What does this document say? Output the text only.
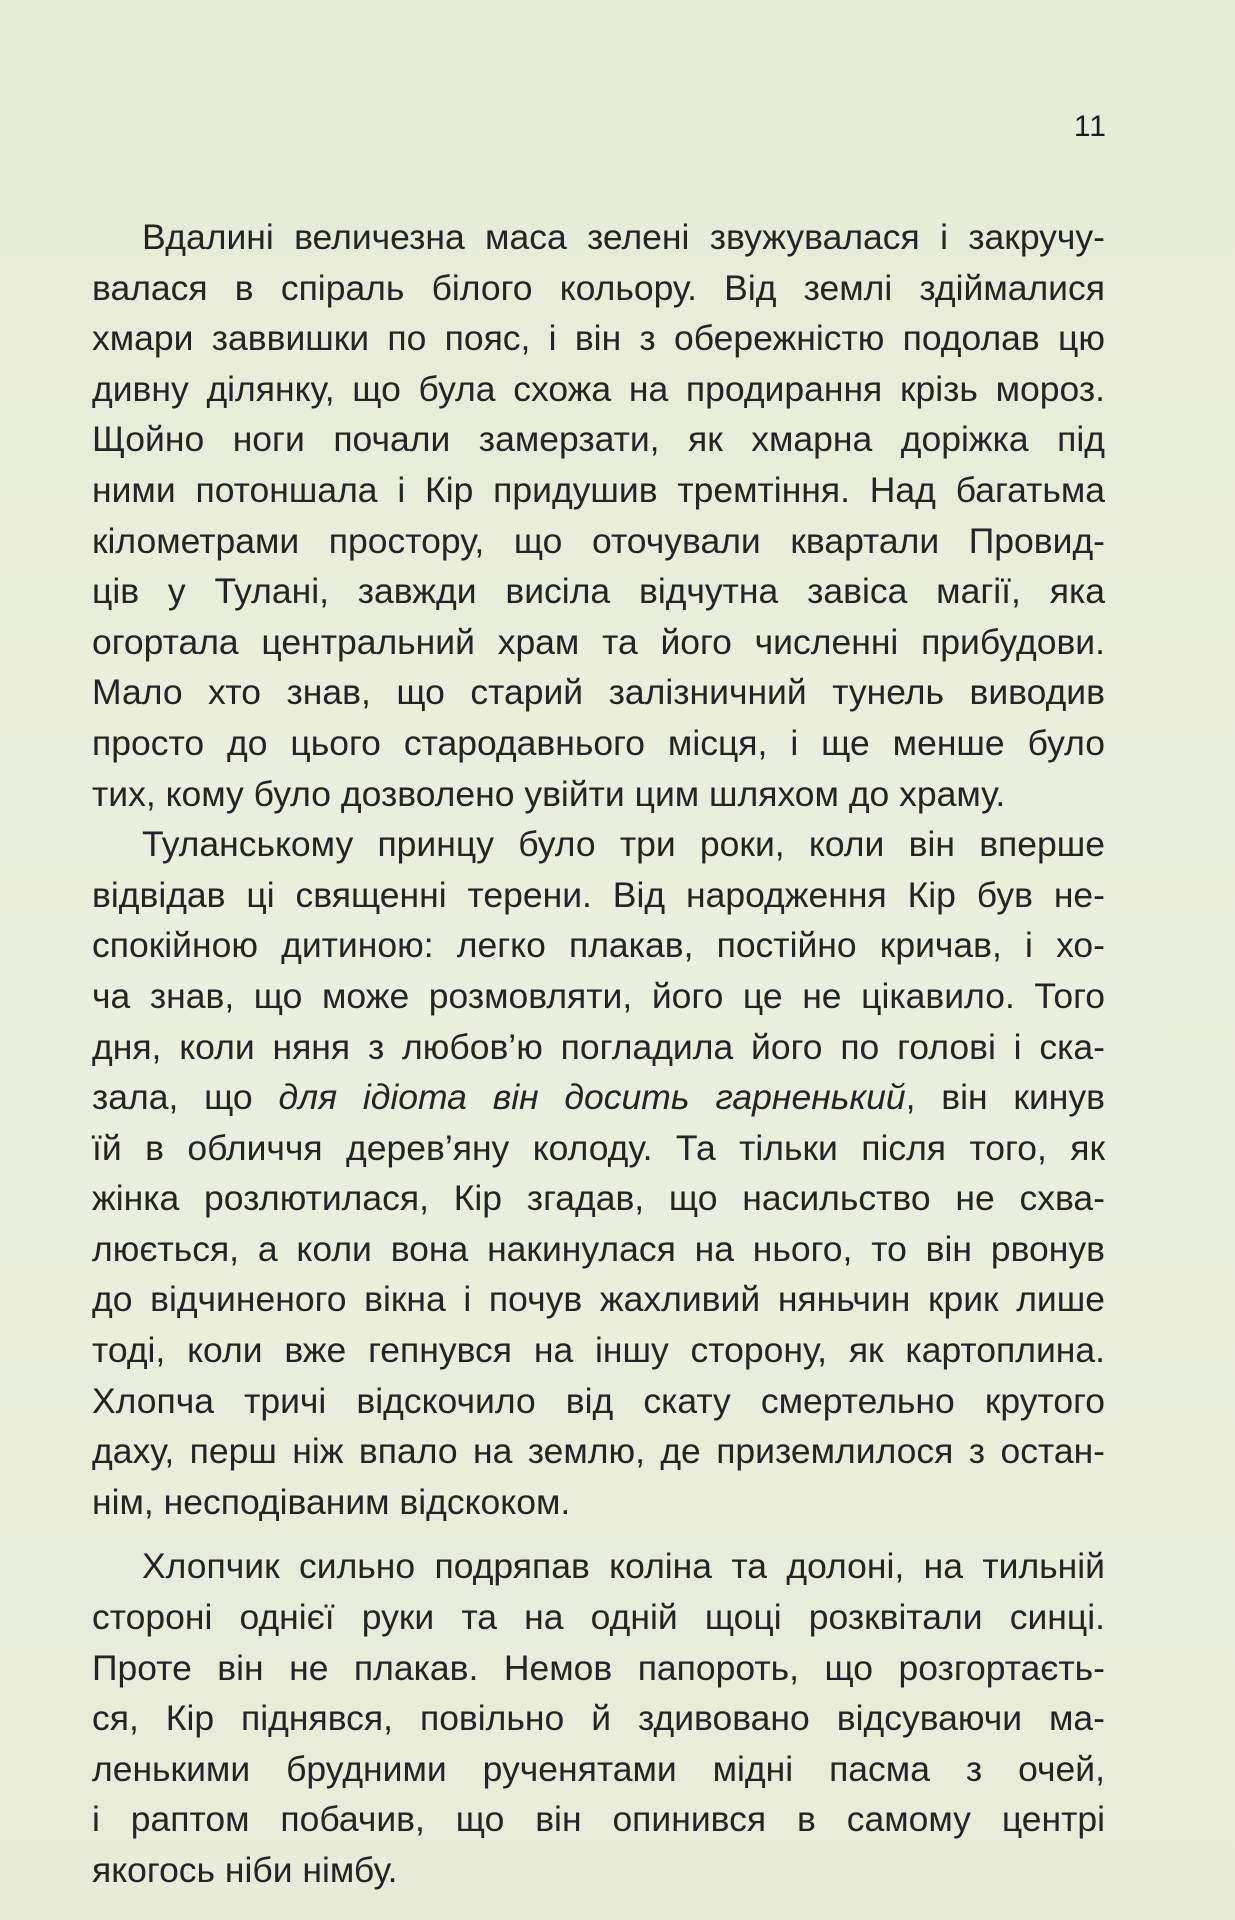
11
Вдалині величезна маса зелені звужувалася і закручу-
валася в спіраль білого кольору. Від землі здіймалися
хмари заввишки по пояс, і він з обережністю подолав цю
дивну ділянку, що була схожа на продирання крізь мороз.
Щойно ноги почали замерзати, як хмарна доріжка під
ними потоншала і Кір придушив тремтіння. Над багатьма
кілометрами простору, що оточували квартали Провид-
ців у Тулані, завжди висіла відчутна завіса магії, яка
огортала центральний храм та його численні прибудови.
Мало хто знав, що старий залізничний тунель виводив
просто до цього стародавнього місця, і ще менше було
тих, кому було дозволено увійти цим шляхом до храму.
Туланському принцу було три роки, коли він вперше
відвідав ці священні терени. Від народження Кір був не-
спокійною дитиною: легко плакав, постійно кричав, і хо-
ча знав, що може розмовляти, його це не цікавило. Того
дня, коли няня з любов’ю погладила його по голові і ска-
зала, що для ідіота він досить гарненький, він кинув
їй в обличчя дерев’яну колоду. Та тільки після того, як
жінка розлютилася, Кір згадав, що насильство не схва-
люється, а коли вона накинулася на нього, то він рвонув
до відчиненого вікна і почув жахливий няньчин крик лише
тоді, коли вже гепнувся на іншу сторону, як картоплина.
Хлопча тричі відскочило від скату смертельно крутого
даху, перш ніж впало на землю, де приземлилося з остан-
нім, несподіваним відскоком.
Хлопчик сильно подряпав коліна та долоні, на тильній
стороні однієї руки та на одній щоці розквітали синці.
Проте він не плакав. Немов папороть, що розгортаєть-
ся, Кір піднявся, повільно й здивовано відсуваючи ма-
ленькими брудними рученятами мідні пасма з очей,
і раптом побачив, що він опинився в самому центрі
якогось ніби німбу.
